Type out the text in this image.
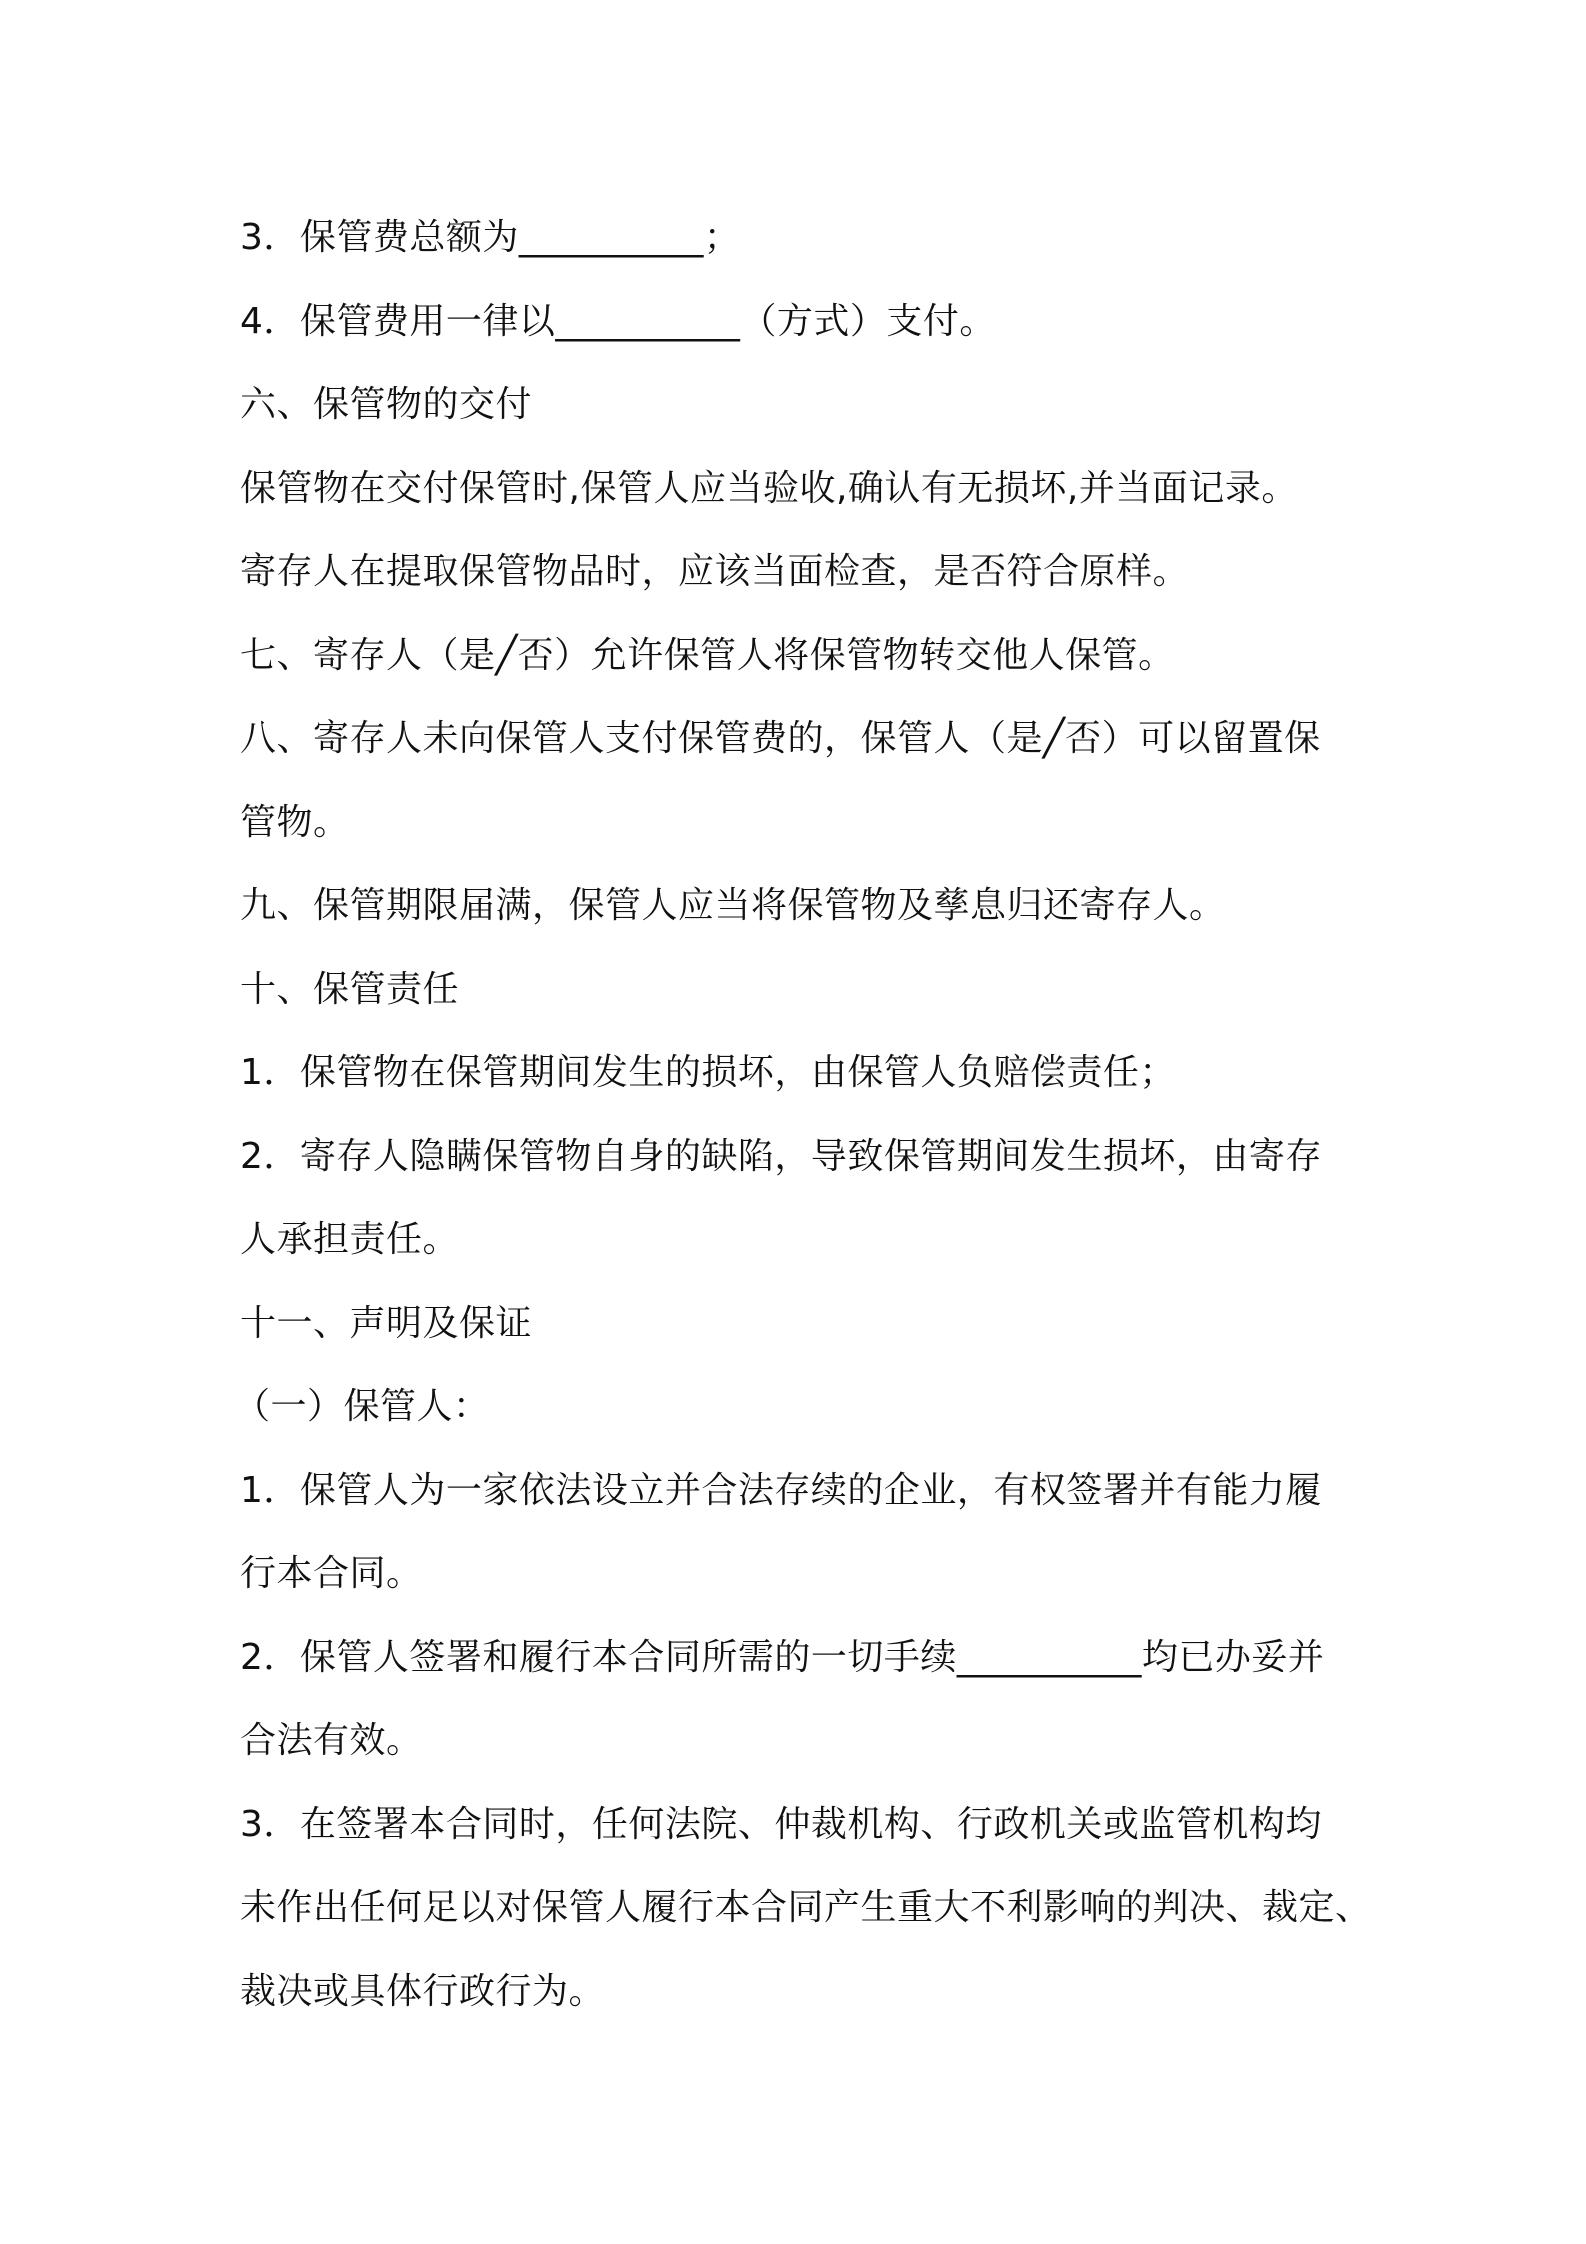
3．保管费总额为__________；
4．保管费用一律以__________（方式）支付。
六、保管物的交付
保管物在交付保管时,保管人应当验收,确认有无损坏,并当面记录。
寄存人在提取保管物品时，应该当面检查，是否符合原样。
七、寄存人（是╱否）允许保管人将保管物转交他人保管。
八、寄存人未向保管人支付保管费的，保管人（是╱否）可以留置保
管物。
九、保管期限届满，保管人应当将保管物及孳息归还寄存人。
十、保管责任
1．保管物在保管期间发生的损坏，由保管人负赔偿责任；
2．寄存人隐瞒保管物自身的缺陷，导致保管期间发生损坏，由寄存
人承担责任。
十一、声明及保证
（一）保管人：
1．保管人为一家依法设立并合法存续的企业，有权签署并有能力履
行本合同。
2．保管人签署和履行本合同所需的一切手续__________均已办妥并
合法有效。
3．在签署本合同时，任何法院、仲裁机构、行政机关或监管机构均
未作出任何足以对保管人履行本合同产生重大不利影响的判决、裁定、
裁决或具体行政行为。
